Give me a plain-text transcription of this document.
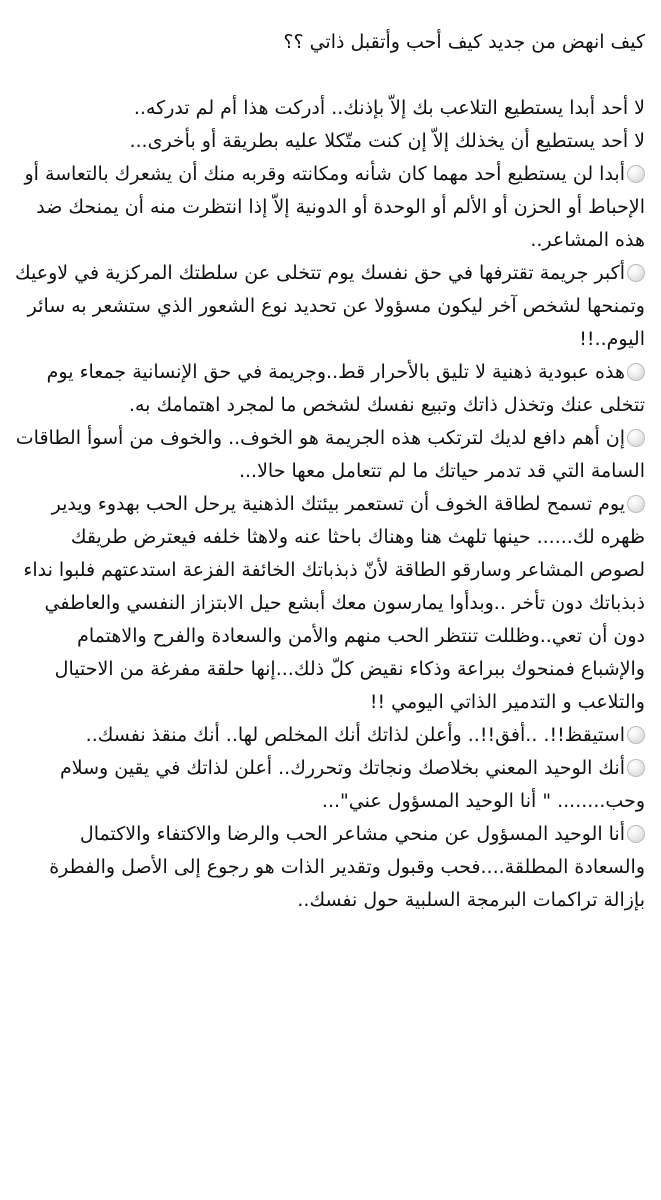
كيف انهض من جديد كيف أحب وأتقبل ذاتي ؟؟

لا أحد أبدا يستطيع التلاعب بك إلاّ بإذنك.. أدركت هذا أم لم تدركه..

لا أحد يستطيع أن يخذلك إلاّ إن كنت متّكلا عليه بطريقة أو بأخرى...

أبدا لن يستطيع أحد مهما كان شأنه ومكانته وقربه منك أن يشعرك بالتعاسة أو الإحباط أو الحزن أو الألم أو الوحدة أو الدونية إلاّ إذا انتظرت منه أن يمنحك ضد هذه المشاعر..

أكبر جريمة تقترفها في حق نفسك يوم تتخلى عن سلطتك المركزية في لاوعيك وتمنحها لشخص آخر ليكون مسؤولا عن تحديد نوع الشعور الذي ستشعر به سائر اليوم..!!

هذه عبودية ذهنية لا تليق بالأحرار قط..وجريمة في حق الإنسانية جمعاء يوم تتخلى عنك وتخذل ذاتك وتبيع نفسك لشخص ما لمجرد اهتمامك به.

إن أهم دافع لديك لترتكب هذه الجريمة هو الخوف.. والخوف من أسوأ الطاقات السامة التي قد تدمر حياتك ما لم تتعامل معها حالا...

يوم تسمح لطاقة الخوف أن تستعمر بيئتك الذهنية يرحل الحب بهدوء ويدير ظهره لك...... حينها تلهث هنا وهناك باحثا عنه ولاهثا خلفه فيعترض طريقك لصوص المشاعر وسارقو الطاقة لأنّ ذبذباتك الخائفة الفزعة استدعتهم فلبوا نداء ذبذباتك دون تأخر ..وبدأوا يمارسون معك أبشع حيل الابتزاز النفسي والعاطفي دون أن تعي..وظللت تنتظر الحب منهم والأمن والسعادة والفرح والاهتمام والإشباع فمنحوك ببراعة وذكاء نقيض كلّ ذلك...إنها حلقة مفرغة من الاحتيال والتلاعب و التدمير الذاتي اليومي !!

استيقظ!!. ..أفق!!.. وأعلن لذاتك أنك المخلص لها.. أنك منقذ نفسك..

أنك الوحيد المعني بخلاصك ونجاتك وتحررك.. أعلن لذاتك في يقين وسلام وحب........ " أنا الوحيد المسؤول عني"...

أنا الوحيد المسؤول عن منحي مشاعر الحب والرضا والاكتفاء والاكتمال والسعادة المطلقة....فحب وقبول وتقدير الذات هو رجوع إلى الأصل والفطرة بإزالة تراكمات البرمجة السلبية حول نفسك..
